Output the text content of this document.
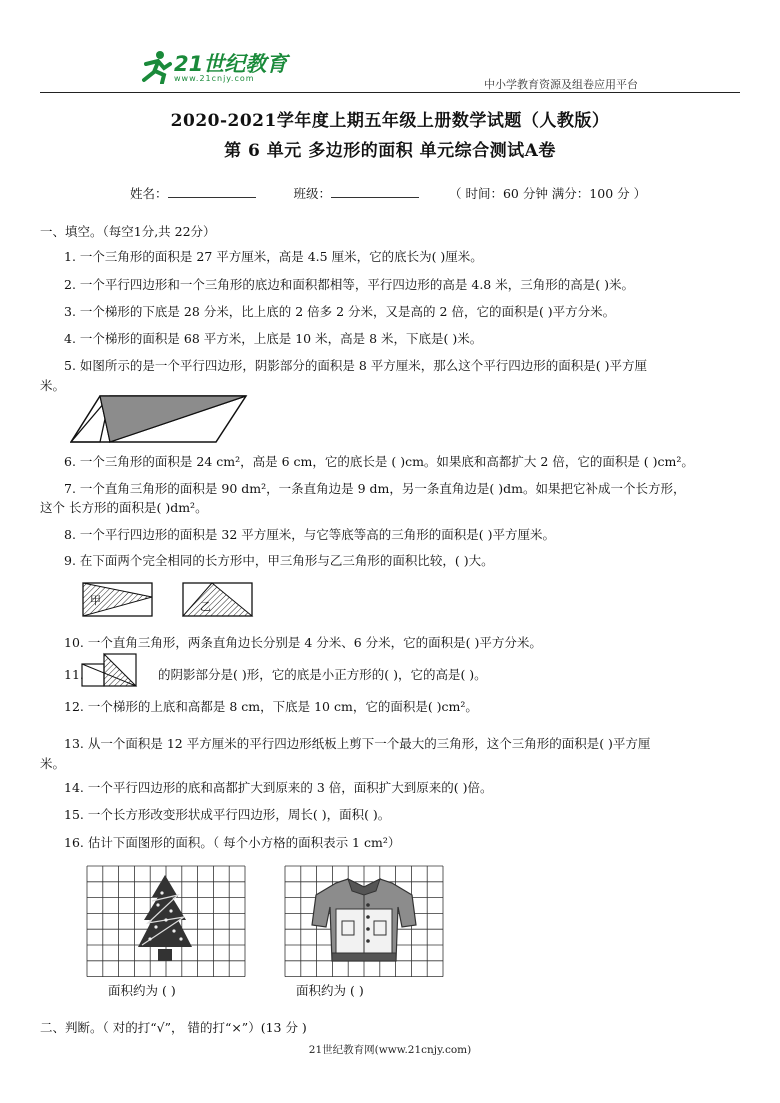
21世纪教育
www.21cnjy.com	中小学教育资源及组卷应用平台
2020-2021学年度上期五年级上册数学试题（人教版）
第 6 单元 多边形的面积 单元综合测试A卷
姓名：	班级：	（ 时间：60 分钟 满分：100 分 ）
一、填空。（每空1分,共 22分）
1. 一个三角形的面积是 27 平方厘米，高是 4.5 厘米，它的底长为( )厘米。
2. 一个平行四边形和一个三角形的底边和面积都相等，平行四边形的高是 4.8 米，三角形的高是( )米。
3. 一个梯形的下底是 28 分米，比上底的 2 倍多 2 分米，又是高的 2 倍，它的面积是( )平方分米。
4. 一个梯形的面积是 68 平方米，上底是 10 米，高是 8 米，下底是( )米。
5. 如图所示的是一个平行四边形，阴影部分的面积是 8 平方厘米，那么这个平行四边形的面积是( )平方厘
米。
6. 一个三角形的面积是 24 cm²，高是 6 cm，它的底长是 ( )cm。如果底和高都扩大 2 倍，它的面积是 ( )cm²。
7. 一个直角三角形的面积是 90 dm²，一条直角边是 9 dm，另一条直角边是( )dm。如果把它补成一个长方形，
这个 长方形的面积是( )dm²。
8. 一个平行四边形的面积是 32 平方厘米，与它等底等高的三角形的面积是( )平方厘米。
9. 在下面两个完全相同的长方形中，甲三角形与乙三角形的面积比较，( )大。
甲	乙
10. 一个直角三角形，两条直角边长分别是 4 分米、6 分米，它的面积是( )平方分米。
11.	的阴影部分是( )形，它的底是小正方形的( )，它的高是( )。
12. 一个梯形的上底和高都是 8 cm，下底是 10 cm，它的面积是( )cm²。
13. 从一个面积是 12 平方厘米的平行四边形纸板上剪下一个最大的三角形，这个三角形的面积是( )平方厘
米。
14. 一个平行四边形的底和高都扩大到原来的 3 倍，面积扩大到原来的( )倍。
15. 一个长方形改变形状成平行四边形，周长( )，面积( )。
16. 估计下面图形的面积。（ 每个小方格的面积表示 1 cm²）
面积约为 ( )	面积约为 ( )
二、判断。（ 对的打“√”， 错的打“×”）(13 分 )
21世纪教育网(www.21cnjy.com)
